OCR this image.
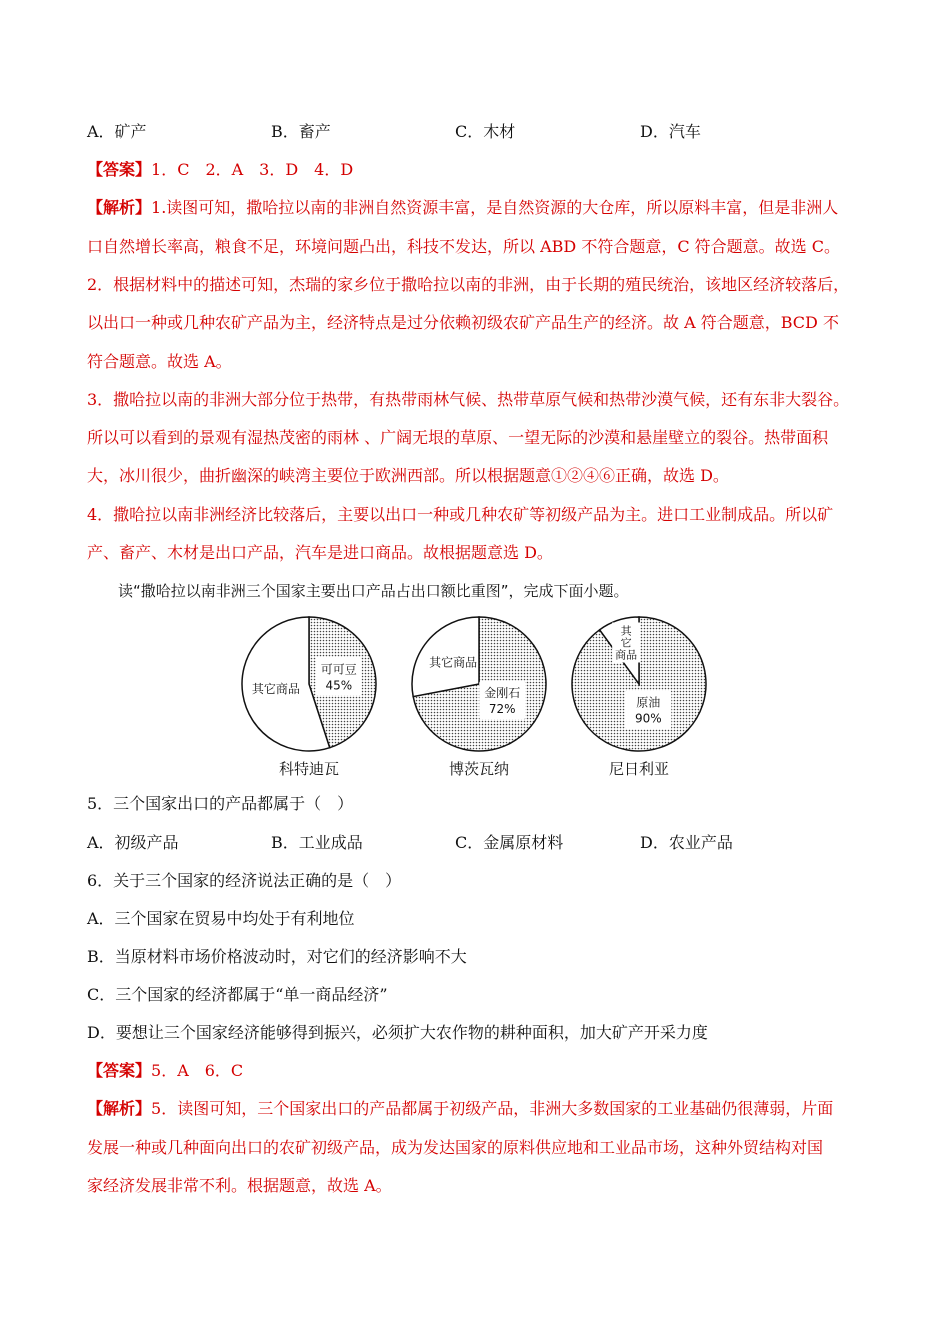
A．矿产	B．畜产	C．木材	D．汽车
【答案】1．C　2．A　3．D　4．D
【解析】1.读图可知，撒哈拉以南的非洲自然资源丰富，是自然资源的大仓库，所以原料丰富，但是非洲人
口自然增长率高，粮食不足，环境问题凸出，科技不发达，所以 ABD 不符合题意，C 符合题意。故选 C。
2．根据材料中的描述可知，杰瑞的家乡位于撒哈拉以南的非洲，由于长期的殖民统治，该地区经济较落后，
以出口一种或几种农矿产品为主，经济特点是过分依赖初级农矿产品生产的经济。故 A 符合题意，BCD 不
符合题意。故选 A。
3．撒哈拉以南的非洲大部分位于热带，有热带雨林气候、热带草原气候和热带沙漠气候，还有东非大裂谷。
所以可以看到的景观有湿热茂密的雨林 、广阔无垠的草原、一望无际的沙漠和悬崖壁立的裂谷。热带面积
大，冰川很少，曲折幽深的峡湾主要位于欧洲西部。所以根据题意①②④⑥正确，故选 D。
4．撒哈拉以南非洲经济比较落后，主要以出口一种或几种农矿等初级产品为主。进口工业制成品。所以矿
产、畜产、木材是出口产品，汽车是进口商品。故根据题意选 D。
读“撒哈拉以南非洲三个国家主要出口产品占出口额比重图”，完成下面小题。
可可豆
45%
其它商品
科特迪瓦
金刚石
72%
其它商品
博茨瓦纳
原油
90%
其
它
商品
尼日利亚
5．三个国家出口的产品都属于（　）
A．初级产品	B．工业成品	C．金属原材料	D．农业产品
6．关于三个国家的经济说法正确的是（　）
A．三个国家在贸易中均处于有利地位
B．当原材料市场价格波动时，对它们的经济影响不大
C．三个国家的经济都属于“单一商品经济”
D．要想让三个国家经济能够得到振兴，必须扩大农作物的耕种面积，加大矿产开采力度
【答案】5．A　6．C
【解析】5．读图可知，三个国家出口的产品都属于初级产品，非洲大多数国家的工业基础仍很薄弱，片面
发展一种或几种面向出口的农矿初级产品，成为发达国家的原料供应地和工业品市场，这种外贸结构对国
家经济发展非常不利。根据题意，故选 A。
